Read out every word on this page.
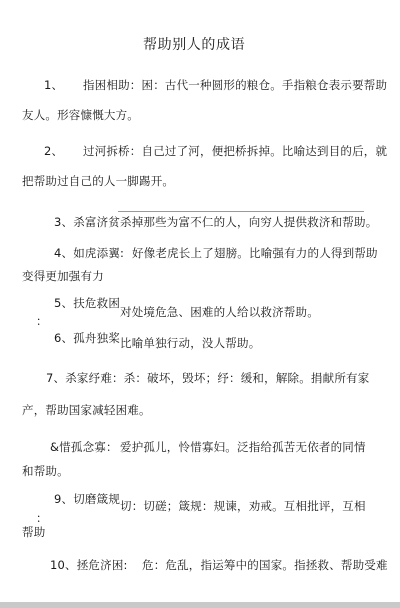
帮助别人的成语
1、 指困相助：困：古代一种圆形的粮仓。手指粮仓表示要帮助
友人。形容慷慨大方。
2、 过河拆桥：自己过了河，便把桥拆掉。比喻达到目的后，就
把帮助过自己的人一脚踢开。
3、杀富济贫 杀掉那些为富不仁的人，向穷人提供救济和帮助。
4、如虎添翼: 好像老虎长上了翅膀。比喻强有力的人得到帮助
变得更加强有力
5、扶危救困
：
对处境危急、困难的人给以救济帮助。
6、孤舟独桨 比喻单独行动，没人帮助。
7、杀家纾难：杀：破坏，毁坏；纾：缓和，解除。捐献所有家
产，帮助国家减轻困难。
&惜孤念寡： 爱护孤儿，怜惜寡妇。泛指给孤苦无依者的同情
和帮助。
9、切磨箴规
：
切：切磋；箴规：规谏，劝戒。互相批评，互相
帮助
10、拯危济困: 危：危乱，指运筹中的国家。指拯救、帮助受难
